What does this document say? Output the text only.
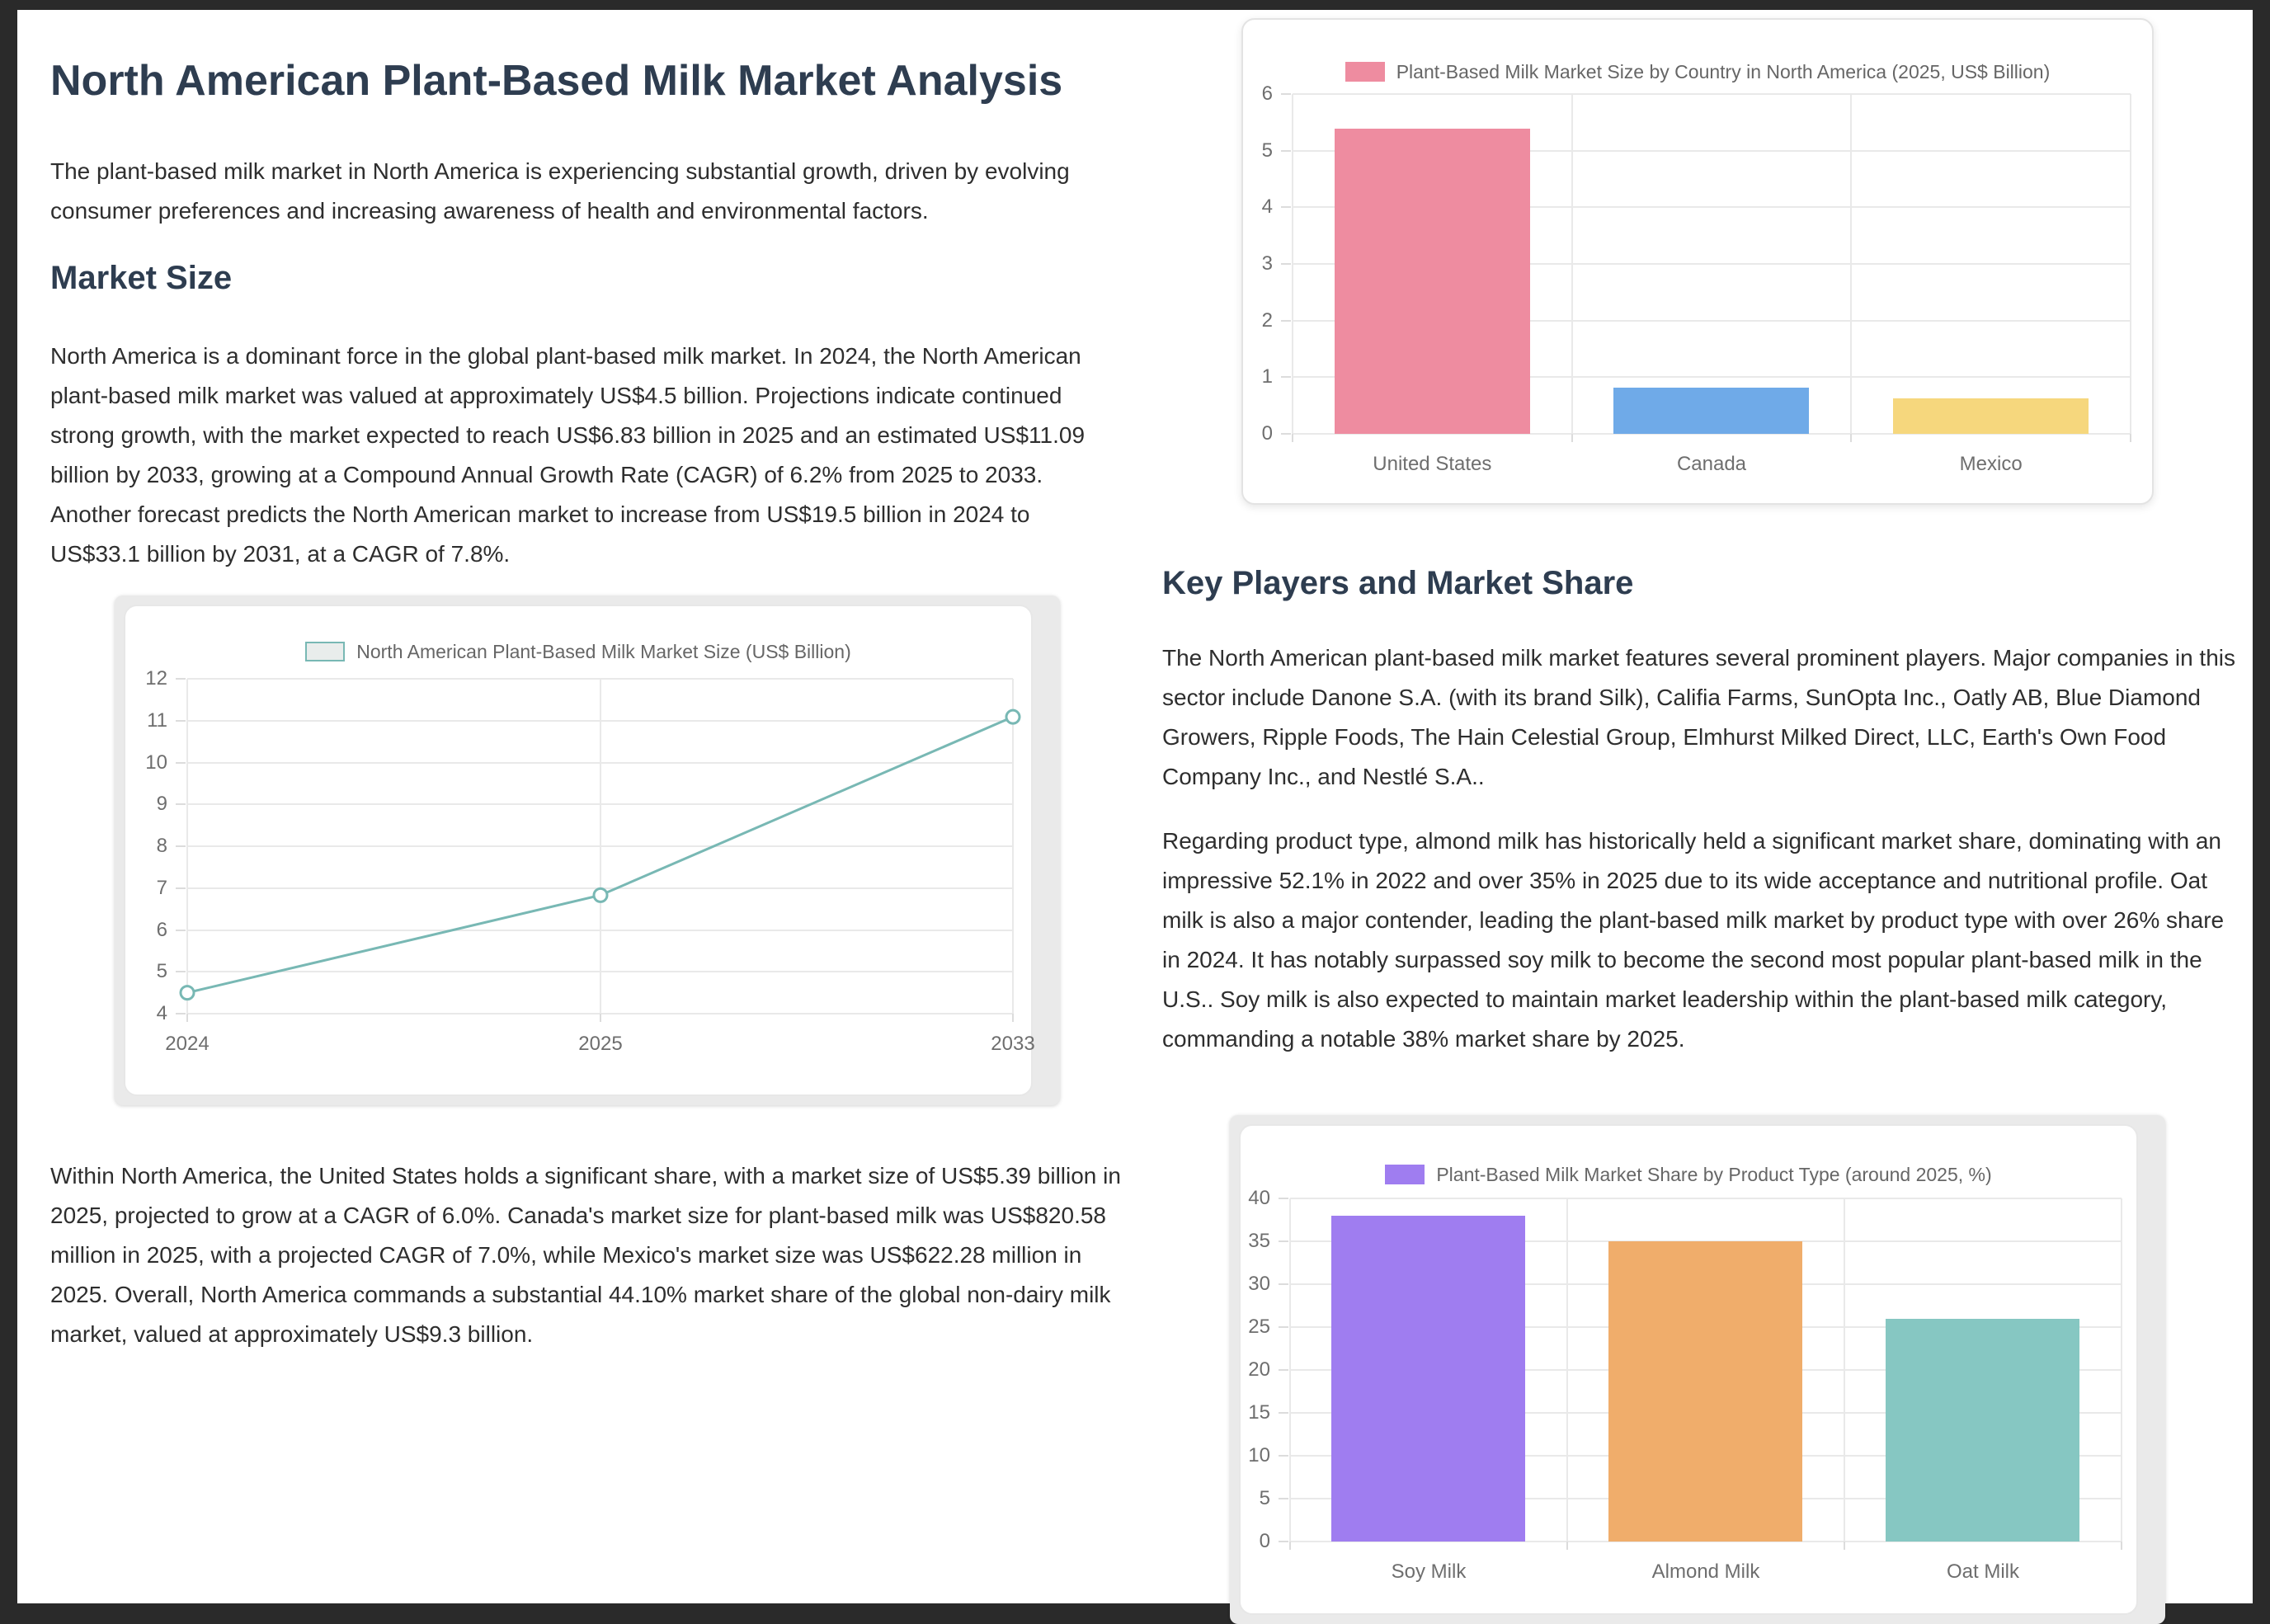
North American Plant-Based Milk Market Analysis

The plant-based milk market in North America is experiencing substantial growth, driven by evolving consumer preferences and increasing awareness of health and environmental factors.

Market Size

North America is a dominant force in the global plant-based milk market. In 2024, the North American plant-based milk market was valued at approximately US$4.5 billion. Projections indicate continued strong growth, with the market expected to reach US$6.83 billion in 2025 and an estimated US$11.09 billion by 2033, growing at a Compound Annual Growth Rate (CAGR) of 6.2% from 2025 to 2033. Another forecast predicts the North American market to increase from US$19.5 billion in 2024 to US$33.1 billion by 2031, at a CAGR of 7.8%.

North American Plant-Based Milk Market Size (US$ Billion)
4
5
6
7
8
9
10
11
12
2024	2025	2033

Within North America, the United States holds a significant share, with a market size of US$5.39 billion in 2025, projected to grow at a CAGR of 6.0%. Canada's market size for plant-based milk was US$820.58 million in 2025, with a projected CAGR of 7.0%, while Mexico's market size was US$622.28 million in 2025. Overall, North America commands a substantial 44.10% market share of the global non-dairy milk market, valued at approximately US$9.3 billion.

Plant-Based Milk Market Size by Country in North America (2025, US$ Billion)
0
1
2
3
4
5
6
United States	Canada	Mexico
Key Players and Market Share

The North American plant-based milk market features several prominent players. Major companies in this sector include Danone S.A. (with its brand Silk), Califia Farms, SunOpta Inc., Oatly AB, Blue Diamond Growers, Ripple Foods, The Hain Celestial Group, Elmhurst Milked Direct, LLC, Earth's Own Food Company Inc., and Nestlé S.A..

Regarding product type, almond milk has historically held a significant market share, dominating with an impressive 52.1% in 2022 and over 35% in 2025 due to its wide acceptance and nutritional profile. Oat milk is also a major contender, leading the plant-based milk market by product type with over 26% share in 2024. It has notably surpassed soy milk to become the second most popular plant-based milk in the U.S.. Soy milk is also expected to maintain market leadership within the plant-based milk category, commanding a notable 38% market share by 2025.

Plant-Based Milk Market Share by Product Type (around 2025, %)
0
5
10
15
20
25
30
35
40
Soy Milk	Almond Milk	Oat Milk
